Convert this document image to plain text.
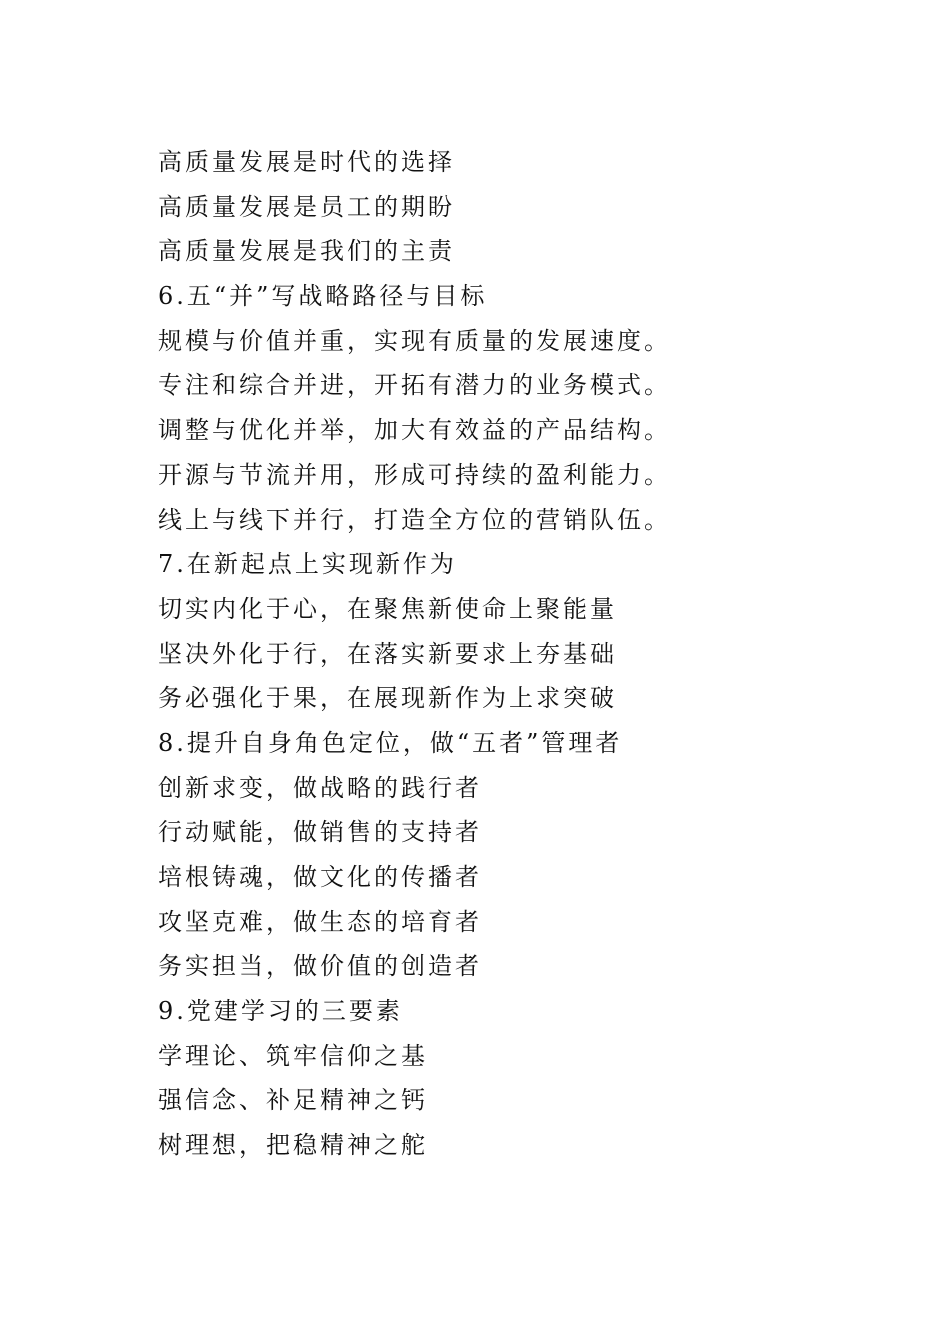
高质量发展是时代的选择
高质量发展是员工的期盼
高质量发展是我们的主责
6.五“并”写战略路径与目标
规模与价值并重，实现有质量的发展速度。
专注和综合并进，开拓有潜力的业务模式。
调整与优化并举，加大有效益的产品结构。
开源与节流并用，形成可持续的盈利能力。
线上与线下并行，打造全方位的营销队伍。
7.在新起点上实现新作为
切实内化于心，在聚焦新使命上聚能量
坚决外化于行，在落实新要求上夯基础
务必强化于果，在展现新作为上求突破
8.提升自身角色定位，做“五者”管理者
创新求变，做战略的践行者
行动赋能，做销售的支持者
培根铸魂，做文化的传播者
攻坚克难，做生态的培育者
务实担当，做价值的创造者
9.党建学习的三要素
学理论、筑牢信仰之基
强信念、补足精神之钙
树理想，把稳精神之舵
